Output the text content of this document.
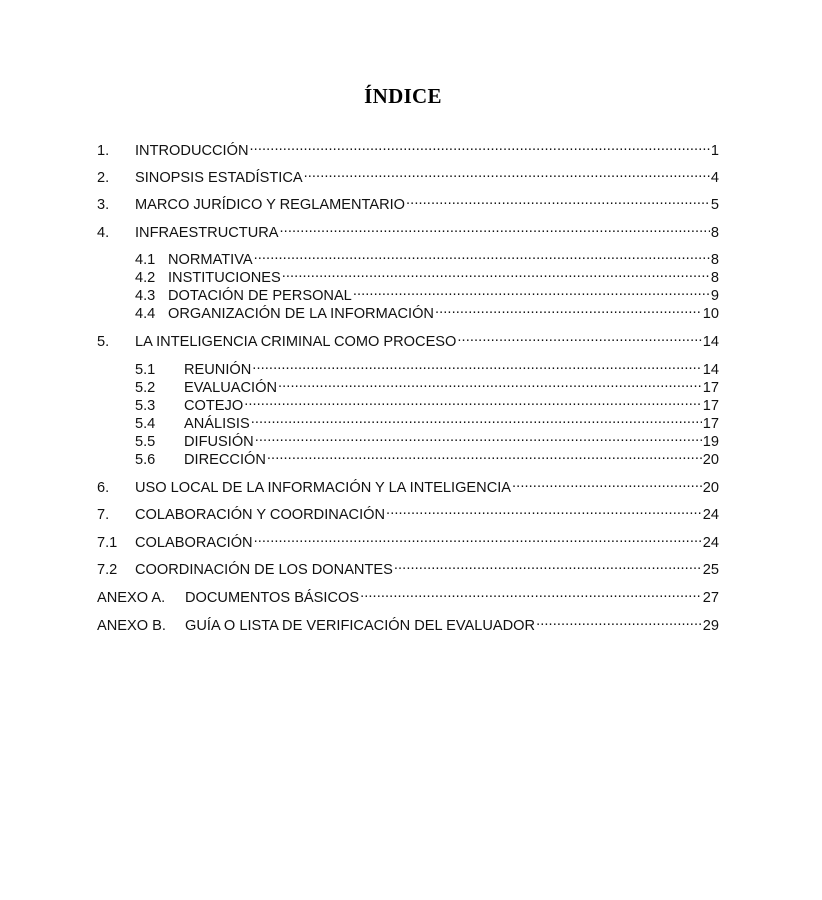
ÍNDICE
1.	INTRODUCCIÓN .....	1
2.	SINOPSIS ESTADÍSTICA .....	4
3.	MARCO JURÍDICO Y REGLAMENTARIO .....	5
4.	INFRAESTRUCTURA .....	8
4.1 NORMATIVA .....	8
4.2 INSTITUCIONES .....	8
4.3 DOTACIÓN DE PERSONAL .....	9
4.4 ORGANIZACIÓN DE LA INFORMACIÓN .....	10
5.	LA INTELIGENCIA CRIMINAL COMO PROCESO .....	14
5.1	REUNIÓN .....	14
5.2	EVALUACIÓN .....	17
5.3	COTEJO .....	17
5.4	ANÁLISIS .....	17
5.5	DIFUSIÓN .....	19
5.6	DIRECCIÓN .....	20
6.	USO LOCAL DE LA INFORMACIÓN Y LA INTELIGENCIA .....	20
7.	COLABORACIÓN Y COORDINACIÓN .....	24
7.1	COLABORACIÓN .....	24
7.2	COORDINACIÓN DE LOS DONANTES .....	25
ANEXO A.	DOCUMENTOS BÁSICOS .....	27
ANEXO B.	GUÍA O LISTA DE VERIFICACIÓN DEL EVALUADOR .....	29
